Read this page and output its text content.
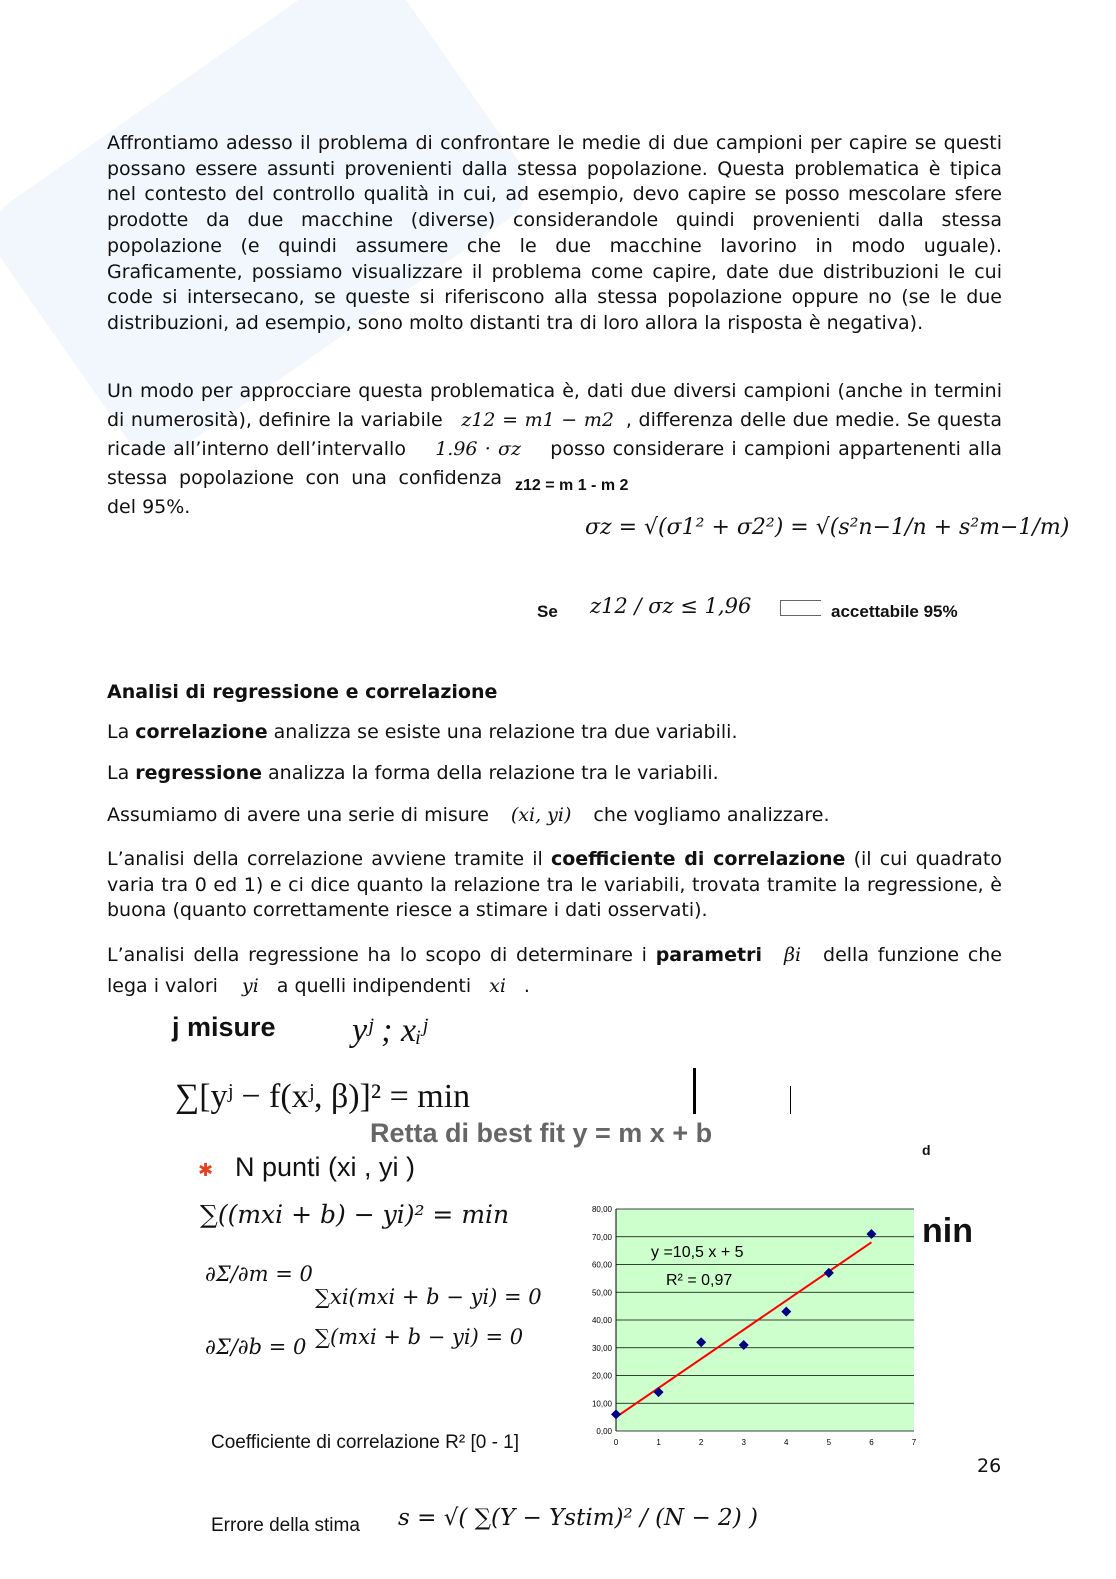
Affrontiamo adesso il problema di confrontare le medie di due campioni per capire se questi possano essere assunti provenienti dalla stessa popolazione. Questa problematica è tipica nel contesto del controllo qualità in cui, ad esempio, devo capire se posso mescolare sfere prodotte da due macchine (diverse) considerandole quindi provenienti dalla stessa popolazione (e quindi assumere che le due macchine lavorino in modo uguale). Graficamente, possiamo visualizzare il problema come capire, date due distribuzioni le cui code si intersecano, se queste si riferiscono alla stessa popolazione oppure no (se le due distribuzioni, ad esempio, sono molto distanti tra di loro allora la risposta è negativa).
Un modo per approcciare questa problematica è, dati due diversi campioni (anche in termini di numerosità), definire la variabile z12 = m1 − m2 , differenza delle due medie. Se questa ricade all’interno dell’intervallo 1.96 · σz posso considerare i campioni appartenenti alla stessa popolazione con una confidenza del 95%.
z12 = m 1 - m 2
σz = √(σ1² + σ2²) = √(s²n−1/n + s²m−1/m)
Se z12 / σz ≤ 1,96	accettabile 95%
Analisi di regressione e correlazione
La correlazione analizza se esiste una relazione tra due variabili.
La regressione analizza la forma della relazione tra le variabili.
Assumiamo di avere una serie di misure (xi, yi) che vogliamo analizzare.
L’analisi della correlazione avviene tramite il coefficiente di correlazione (il cui quadrato varia tra 0 ed 1) e ci dice quanto la relazione tra le variabili, trovata tramite la regressione, è buona (quanto correttamente riesce a stimare i dati osservati).
L’analisi della regressione ha lo scopo di determinare i parametri βi della funzione che lega i valori yi a quelli indipendenti xi .
j misure yʲ ; xᵢʲ
∑[yʲ − f(xʲ, β)]² = min
Retta di best fit y = m x + b
d
✱ N punti (xi , yi )
∑((mxi + b) − yi)² = min
∂Σ/∂m = 0
∂Σ/∂b = 0
∑xi(mxi + b − yi) = 0
∑(mxi + b − yi) = 0
nin
0,00
10,00
20,00
30,00
40,00
50,00
60,00
70,00
80,00
0	1	2	3	4	5	6	7
y =10,5 x + 5
R² = 0,97
Coefficiente di correlazione R² [0 - 1]
Errore della stima s = √( ∑(Y − Ystim)² / (N − 2) )
26
